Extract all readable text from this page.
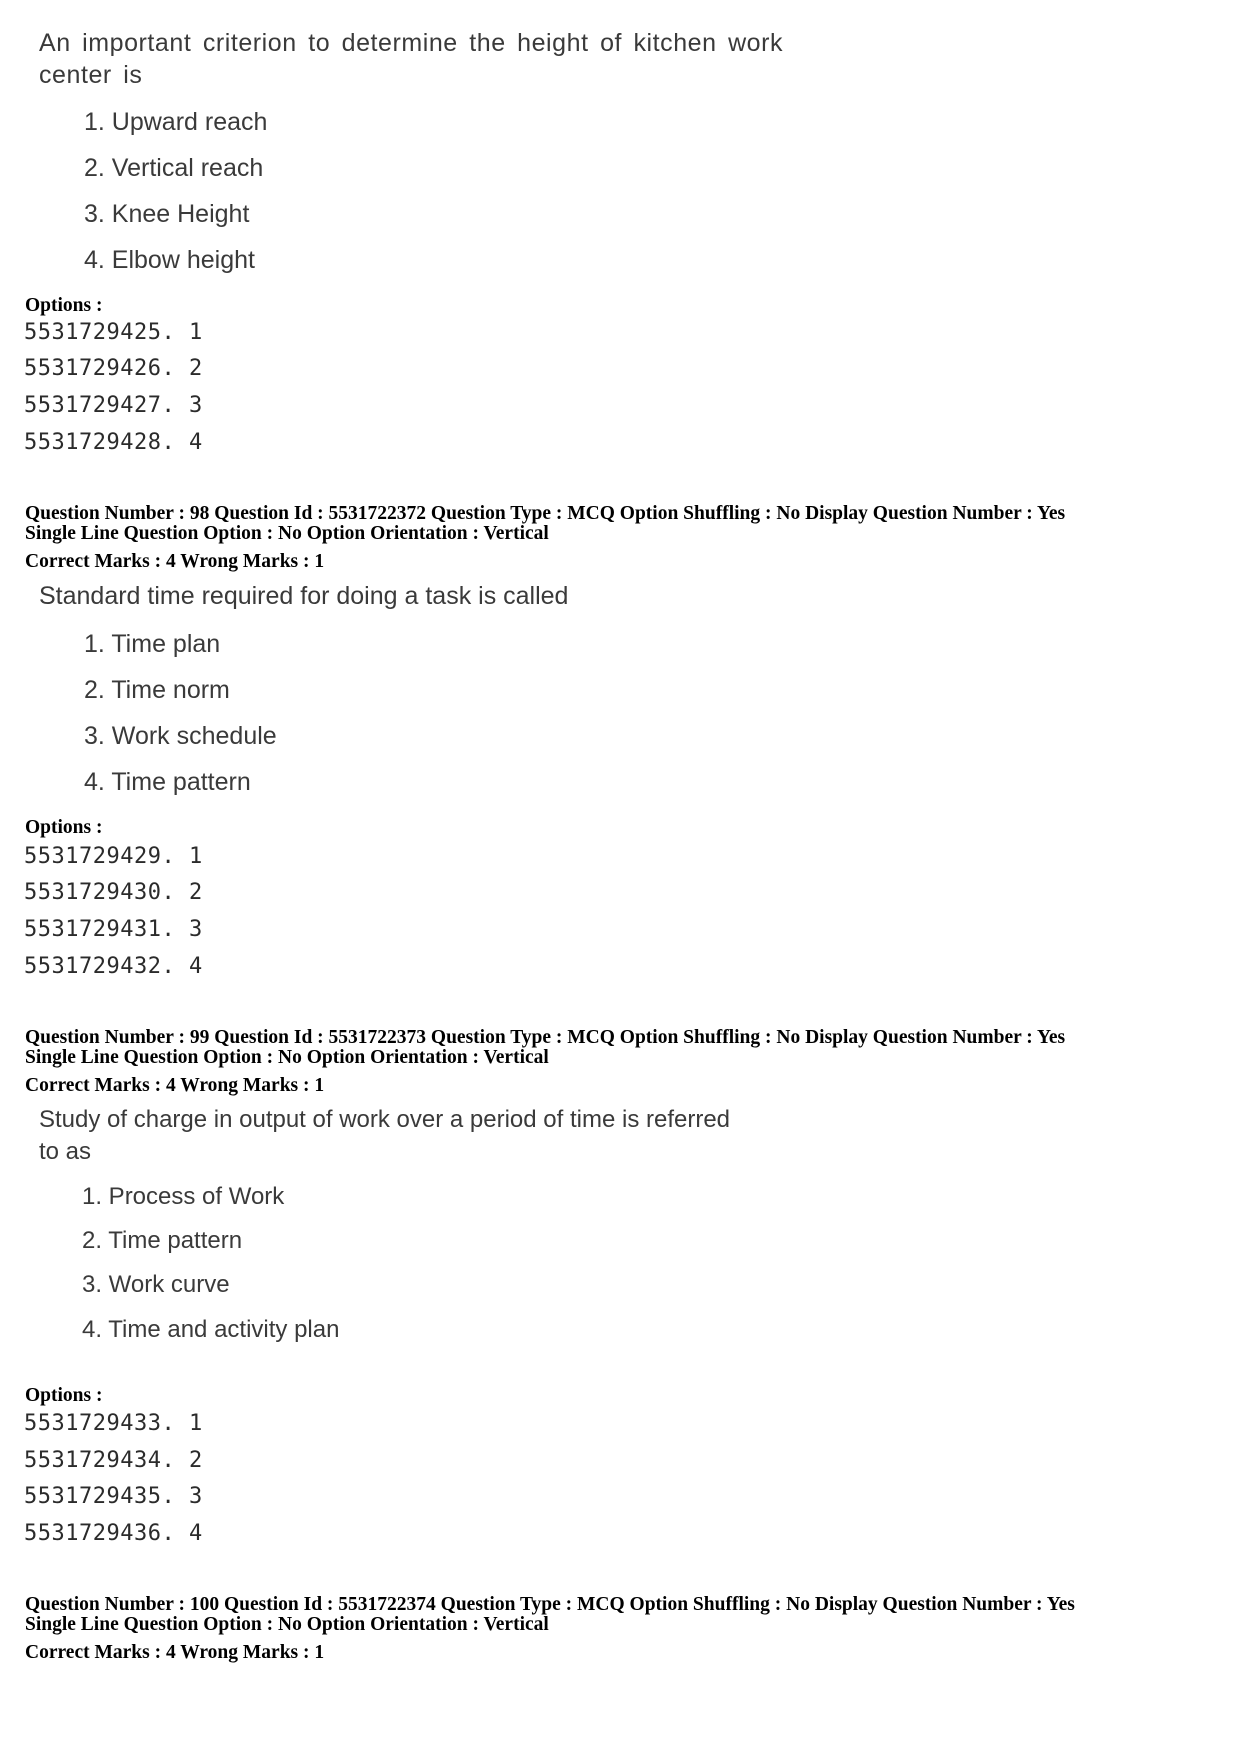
An important criterion to determine the height of kitchen work
center is
1. Upward reach
2. Vertical reach
3. Knee Height
4. Elbow height
Options :
5531729425. 1
5531729426. 2
5531729427. 3
5531729428. 4
Question Number : 98 Question Id : 5531722372 Question Type : MCQ Option Shuffling : No Display Question Number : Yes
Single Line Question Option : No Option Orientation : Vertical
Correct Marks : 4 Wrong Marks : 1
Standard time required for doing a task is called
1. Time plan
2. Time norm
3. Work schedule
4. Time pattern
Options :
5531729429. 1
5531729430. 2
5531729431. 3
5531729432. 4
Question Number : 99 Question Id : 5531722373 Question Type : MCQ Option Shuffling : No Display Question Number : Yes
Single Line Question Option : No Option Orientation : Vertical
Correct Marks : 4 Wrong Marks : 1
Study of charge in output of work over a period of time is referred
to as
1. Process of Work
2. Time pattern
3. Work curve
4. Time and activity plan
Options :
5531729433. 1
5531729434. 2
5531729435. 3
5531729436. 4
Question Number : 100 Question Id : 5531722374 Question Type : MCQ Option Shuffling : No Display Question Number : Yes
Single Line Question Option : No Option Orientation : Vertical
Correct Marks : 4 Wrong Marks : 1
